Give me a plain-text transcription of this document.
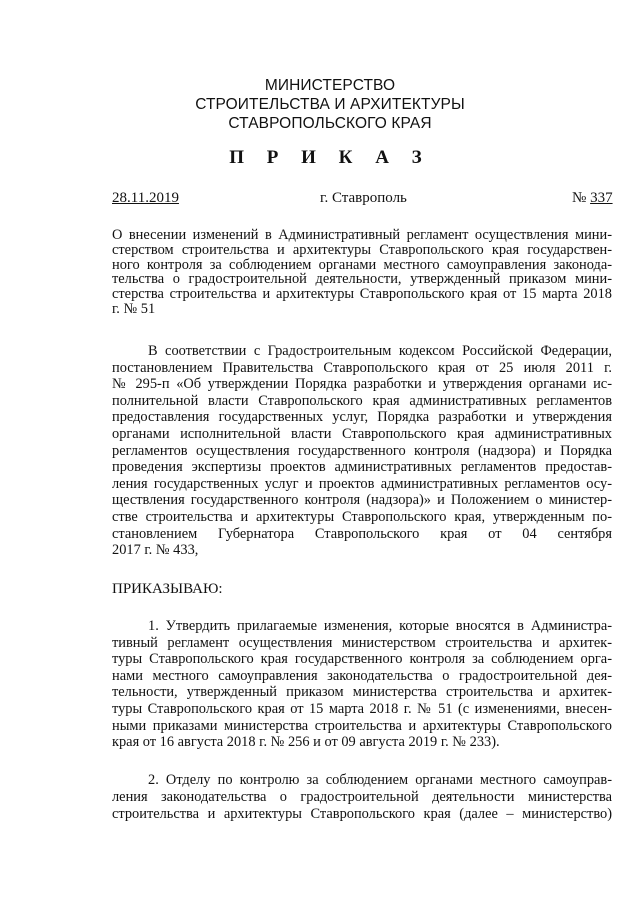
МИНИСТЕРСТВО
СТРОИТЕЛЬСТВА И АРХИТЕКТУРЫ
СТАВРОПОЛЬСКОГО КРАЯ
П Р И К А З
28.11.2019	г. Ставрополь	№ 337
О внесении изменений в Административный регламент осуществления мини-
стерством строительства и архитектуры Ставропольского края государствен-
ного контроля за соблюдением органами местного самоуправления законода-
тельства о градостроительной деятельности, утвержденный приказом мини-
стерства строительства и архитектуры Ставропольского края от 15 марта 2018
г. № 51
В соответствии с Градостроительным кодексом Российской Федерации,
постановлением Правительства Ставропольского края от 25 июля 2011 г.
№ 295-п «Об утверждении Порядка разработки и утверждения органами ис-
полнительной власти Ставропольского края административных регламентов
предоставления государственных услуг, Порядка разработки и утверждения
органами исполнительной власти Ставропольского края административных
регламентов осуществления государственного контроля (надзора) и Порядка
проведения экспертизы проектов административных регламентов предостав-
ления государственных услуг и проектов административных регламентов осу-
ществления государственного контроля (надзора)» и Положением о министер-
стве строительства и архитектуры Ставропольского края, утвержденным по-
становлением Губернатора Ставропольского края от 04 сентября
2017 г. № 433,
ПРИКАЗЫВАЮ:
1. Утвердить прилагаемые изменения, которые вносятся в Администра-
тивный регламент осуществления министерством строительства и архитек-
туры Ставропольского края государственного контроля за соблюдением орга-
нами местного самоуправления законодательства о градостроительной дея-
тельности, утвержденный приказом министерства строительства и архитек-
туры Ставропольского края от 15 марта 2018 г. № 51 (с изменениями, внесен-
ными приказами министерства строительства и архитектуры Ставропольского
края от 16 августа 2018 г. № 256 и от 09 августа 2019 г. № 233).
2. Отделу по контролю за соблюдением органами местного самоуправ-
ления законодательства о градостроительной деятельности министерства
строительства и архитектуры Ставропольского края (далее – министерство)
